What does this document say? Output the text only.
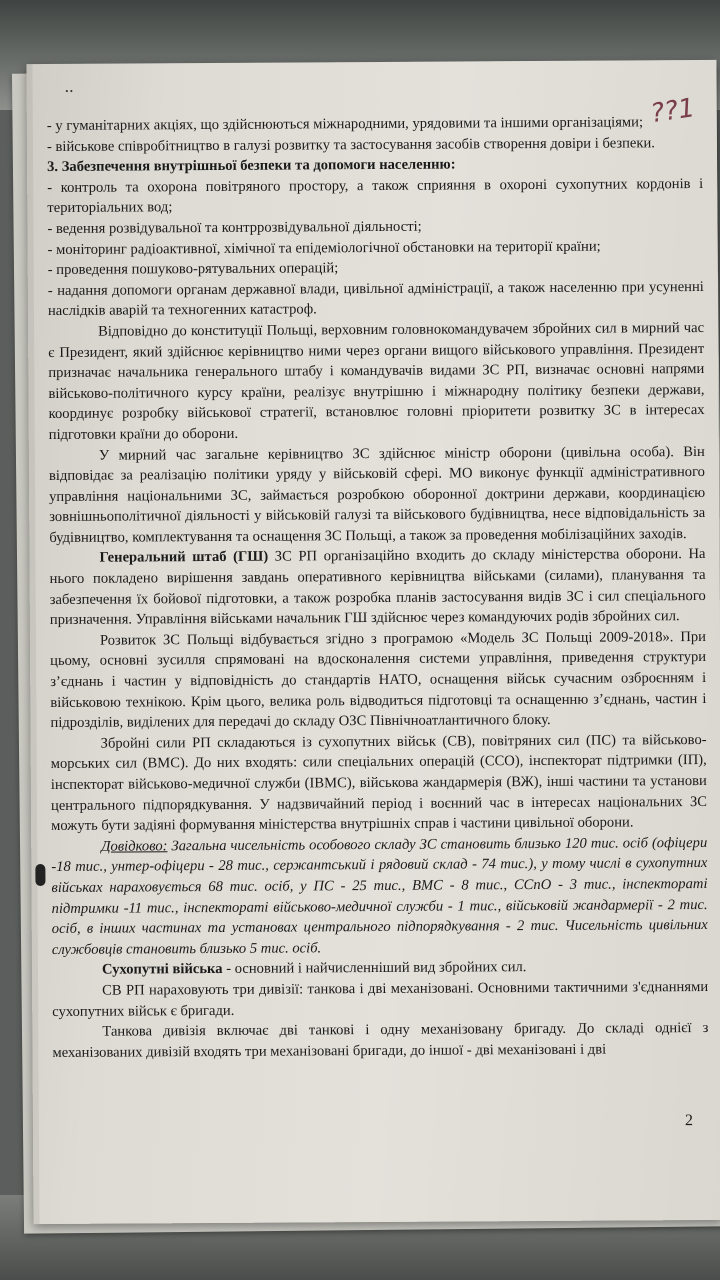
..
??1

- у гуманітарних акціях, що здійснюються міжнародними, урядовими та іншими організаціями;

- військове співробітництво в галузі розвитку та застосування засобів створення довіри і безпеки.

3. Забезпечення внутрішньої безпеки та допомоги населенню:

- контроль та охорона повітряного простору, а також сприяння в охороні сухопутних кордонів і територіальних вод;

- ведення розвідувальної та контррозвідувальної діяльності;

- моніторинг радіоактивної, хімічної та епідеміологічної обстановки на території країни;

- проведення пошуково-рятувальних операцій;

- надання допомоги органам державної влади, цивільної адміністрації, а також населенню при усуненні наслідків аварій та техногенних катастроф.

Відповідно до конституції Польщі, верховним головнокомандувачем збройних сил в мирний час є Президент, який здійснює керівництво ними через органи вищого військового управління. Президент призначає начальника генерального штабу і командувачів видами ЗС РП, визначає основні напрями військово-політичного курсу країни, реалізує внутрішню і міжнародну політику безпеки держави, координує розробку військової стратегії, встановлює головні пріоритети розвитку ЗС в інтересах підготовки країни до оборони.

У мирний час загальне керівництво ЗС здійснює міністр оборони (цивільна особа). Він відповідає за реалізацію політики уряду у військовій сфері. МО виконує функції адміністративного управління національними ЗС, займається розробкою оборонної доктрини держави, координацією зовнішньополітичної діяльності у військовій галузі та військового будівництва, несе відповідальність за будівництво, комплектування та оснащення ЗС Польщі, а також за проведення мобілізаційних заходів.

Генеральний штаб (ГШ) ЗС РП організаційно входить до складу міністерства оборони. На нього покладено вирішення завдань оперативного керівництва військами (силами), планування та забезпечення їх бойової підготовки, а також розробка планів застосування видів ЗС і сил спеціального призначення. Управління військами начальник ГШ здійснює через командуючих родів збройних сил.

Розвиток ЗС Польщі відбувається згідно з програмою «Модель ЗС Польщі 2009-2018». При цьому, основні зусилля спрямовані на вдосконалення системи управління, приведення структури з’єднань і частин у відповідність до стандартів НАТО, оснащення військ сучасним озброєнням і військовою технікою. Крім цього, велика роль відводиться підготовці та оснащенню з’єднань, частин і підрозділів, виділених для передачі до складу ОЗС Північноатлантичного блоку.

Збройні сили РП складаються із сухопутних військ (СВ), повітряних сил (ПС) та військово-морських сил (ВМС). До них входять: сили спеціальних операцій (ССО), інспекторат підтримки (ІП), інспекторат військово-медичної служби (ІВМС), військова жандармерія (ВЖ), інші частини та установи центрального підпорядкування. У надзвичайний період і воєнний час в інтересах національних ЗС можуть бути задіяні формування міністерства внутрішніх справ і частини цивільної оборони.

Довідково: Загальна чисельність особового складу ЗС становить близько 120 тис. осіб (офіцери -18 тис., унтер-офіцери - 28 тис., сержантський і рядовий склад - 74 тис.), у тому числі в сухопутних військах нараховується 68 тис. осіб, у ПС - 25 тис., ВМС - 8 тис., ССпО - 3 тис., інспектораті підтримки -11 тис., інспектораті військово-медичної служби - 1 тис., військовій жандармерії - 2 тис. осіб, в інших частинах та установах центрального підпорядкування - 2 тис. Чисельність цивільних службовців становить близько 5 тис. осіб.

Сухопутні війська - основний і найчисленніший вид збройних сил.

СВ РП нараховують три дивізії: танкова і дві механізовані. Основними тактичними з'єднаннями сухопутних військ є бригади.

Танкова дивізія включає дві танкові і одну механізовану бригаду. До складі однієї з механізованих дивізій входять три механізовані бригади, до іншої - дві механізовані і дві

2
